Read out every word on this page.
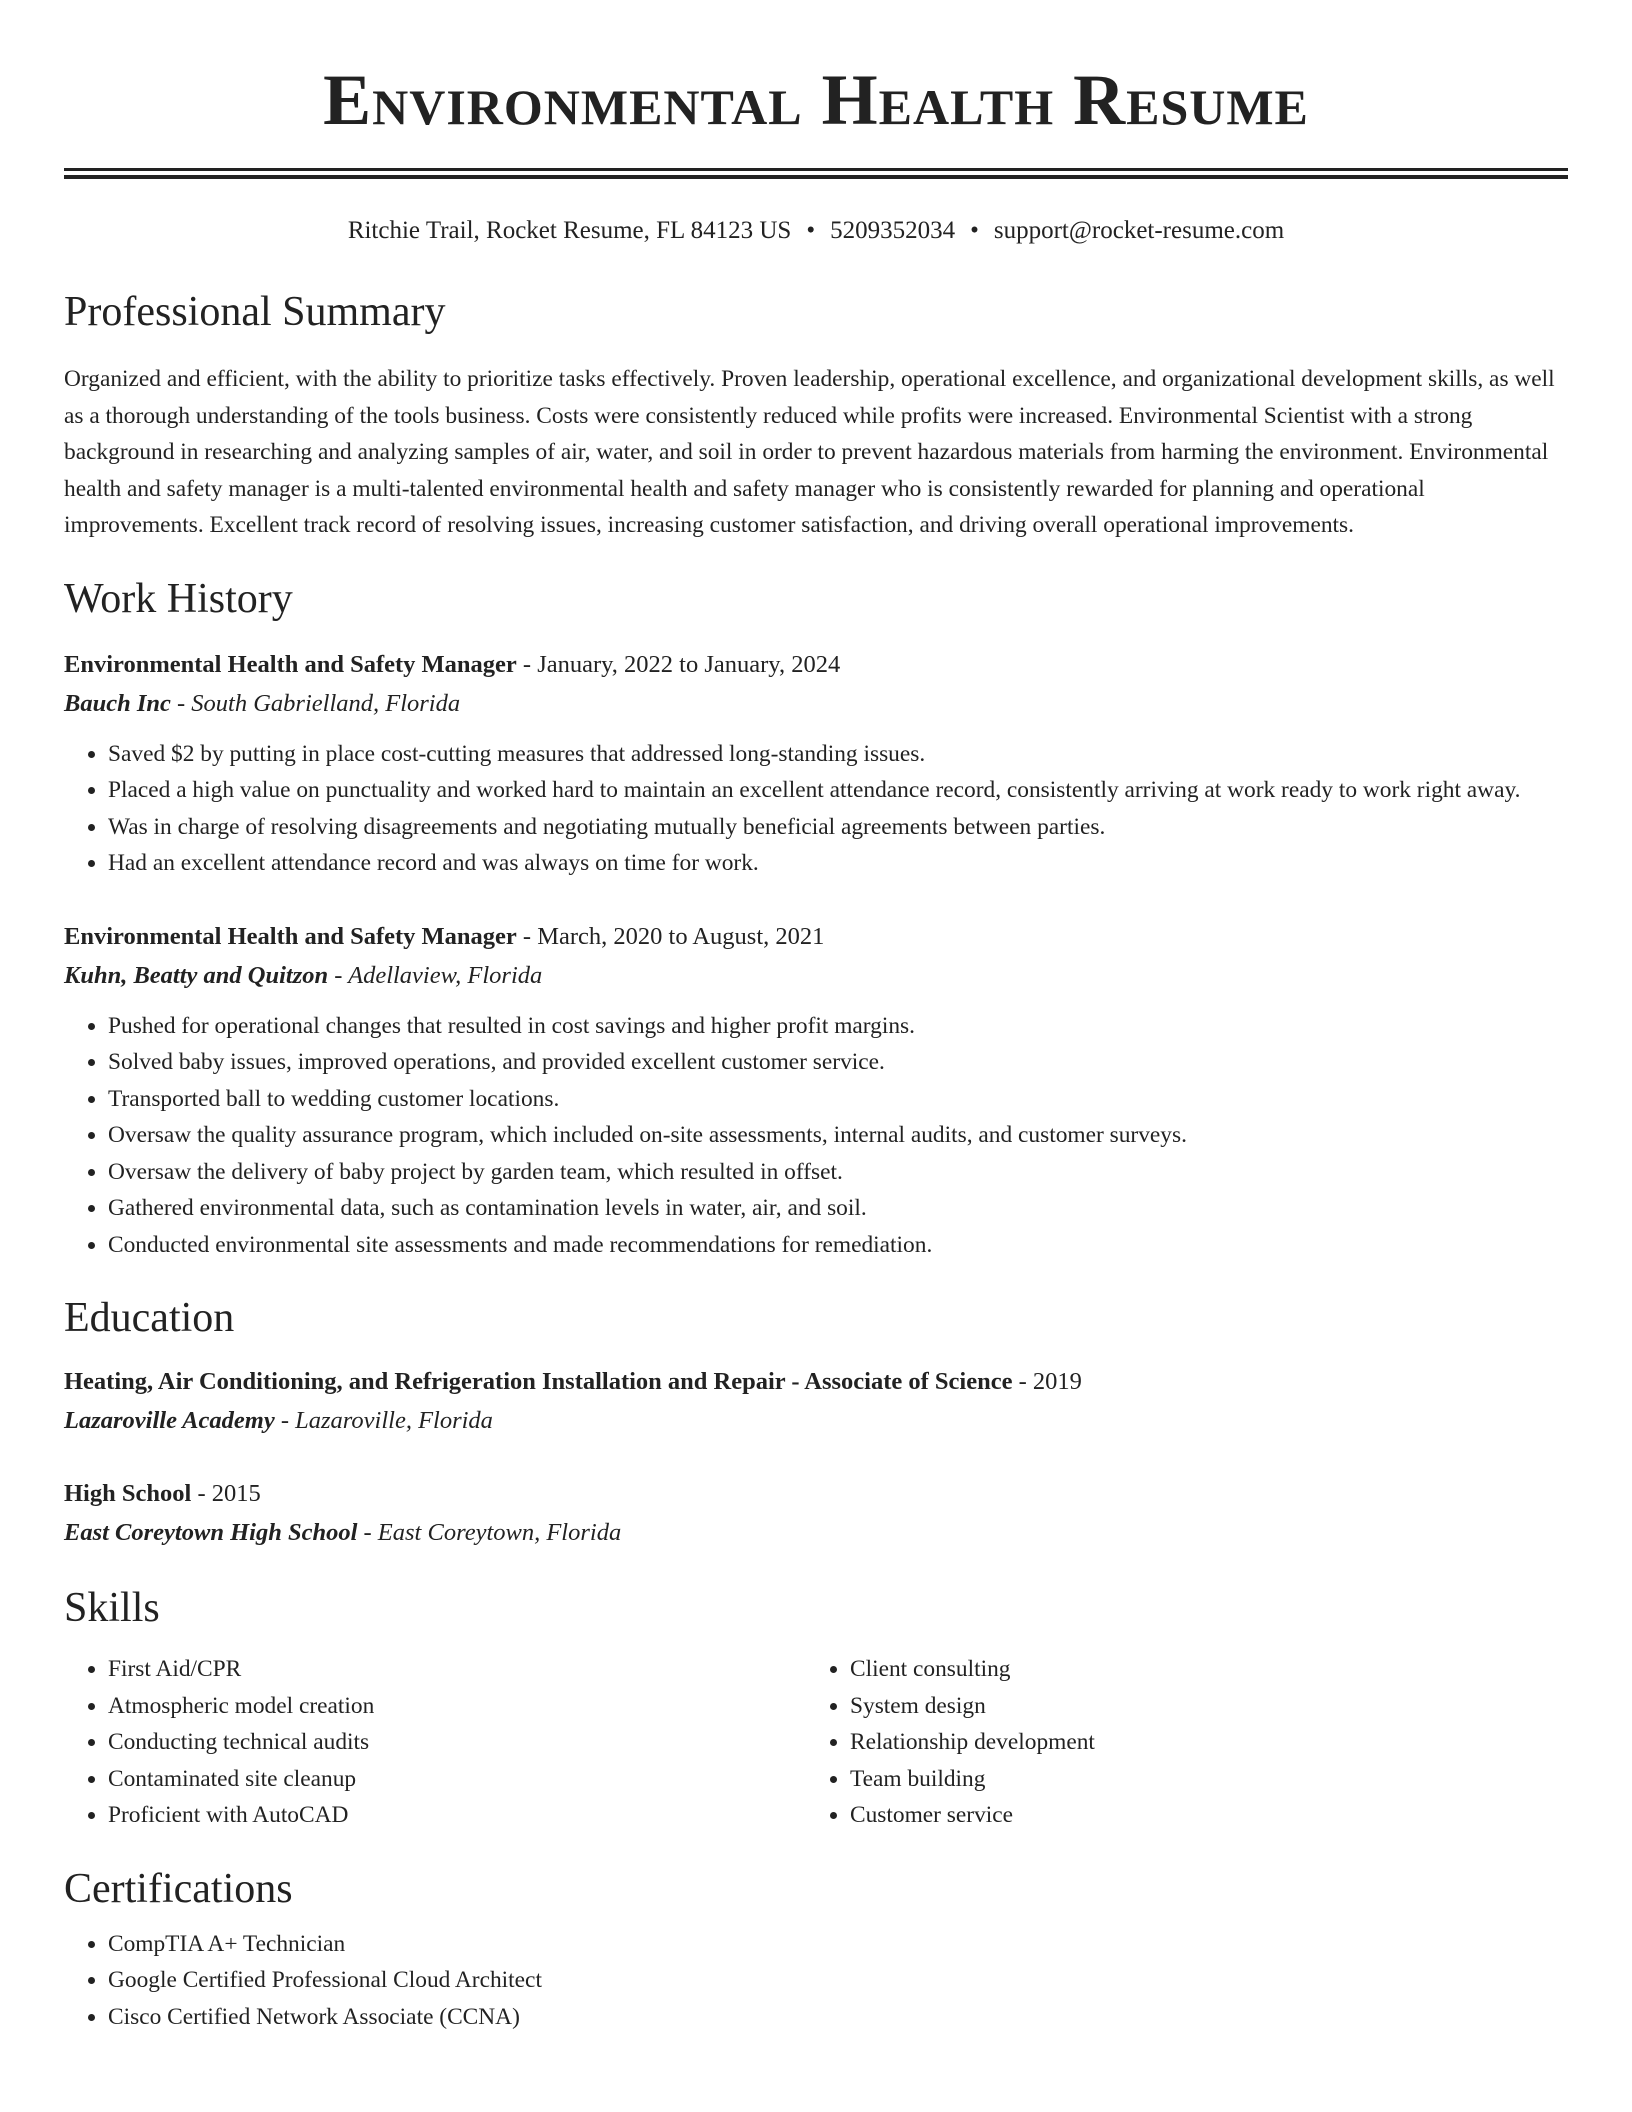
Environmental Health Resume
Ritchie Trail, Rocket Resume, FL 84123 US • 5209352034 • support@rocket-resume.com
Professional Summary

Organized and efficient, with the ability to prioritize tasks effectively. Proven leadership, operational excellence, and organizational development skills, as well as a thorough understanding of the tools business. Costs were consistently reduced while profits were increased. Environmental Scientist with a strong background in researching and analyzing samples of air, water, and soil in order to prevent hazardous materials from harming the environment. Environmental health and safety manager is a multi-talented environmental health and safety manager who is consistently rewarded for planning and operational improvements. Excellent track record of resolving issues, increasing customer satisfaction, and driving overall operational improvements.

Work History
Environmental Health and Safety Manager - January, 2022 to January, 2024
Bauch Inc - South Gabrielland, Florida
• Saved $2 by putting in place cost-cutting measures that addressed long-standing issues.
• Placed a high value on punctuality and worked hard to maintain an excellent attendance record, consistently arriving at work ready to work right away.
• Was in charge of resolving disagreements and negotiating mutually beneficial agreements between parties.
• Had an excellent attendance record and was always on time for work.
Environmental Health and Safety Manager - March, 2020 to August, 2021
Kuhn, Beatty and Quitzon - Adellaview, Florida
• Pushed for operational changes that resulted in cost savings and higher profit margins.
• Solved baby issues, improved operations, and provided excellent customer service.
• Transported ball to wedding customer locations.
• Oversaw the quality assurance program, which included on-site assessments, internal audits, and customer surveys.
• Oversaw the delivery of baby project by garden team, which resulted in offset.
• Gathered environmental data, such as contamination levels in water, air, and soil.
• Conducted environmental site assessments and made recommendations for remediation.
Education
Heating, Air Conditioning, and Refrigeration Installation and Repair - Associate of Science - 2019
Lazaroville Academy - Lazaroville, Florida
High School - 2015
East Coreytown High School - East Coreytown, Florida
Skills
• First Aid/CPR
• Atmospheric model creation
• Conducting technical audits
• Contaminated site cleanup
• Proficient with AutoCAD
• Client consulting
• System design
• Relationship development
• Team building
• Customer service
Certifications
• CompTIA A+ Technician
• Google Certified Professional Cloud Architect
• Cisco Certified Network Associate (CCNA)
